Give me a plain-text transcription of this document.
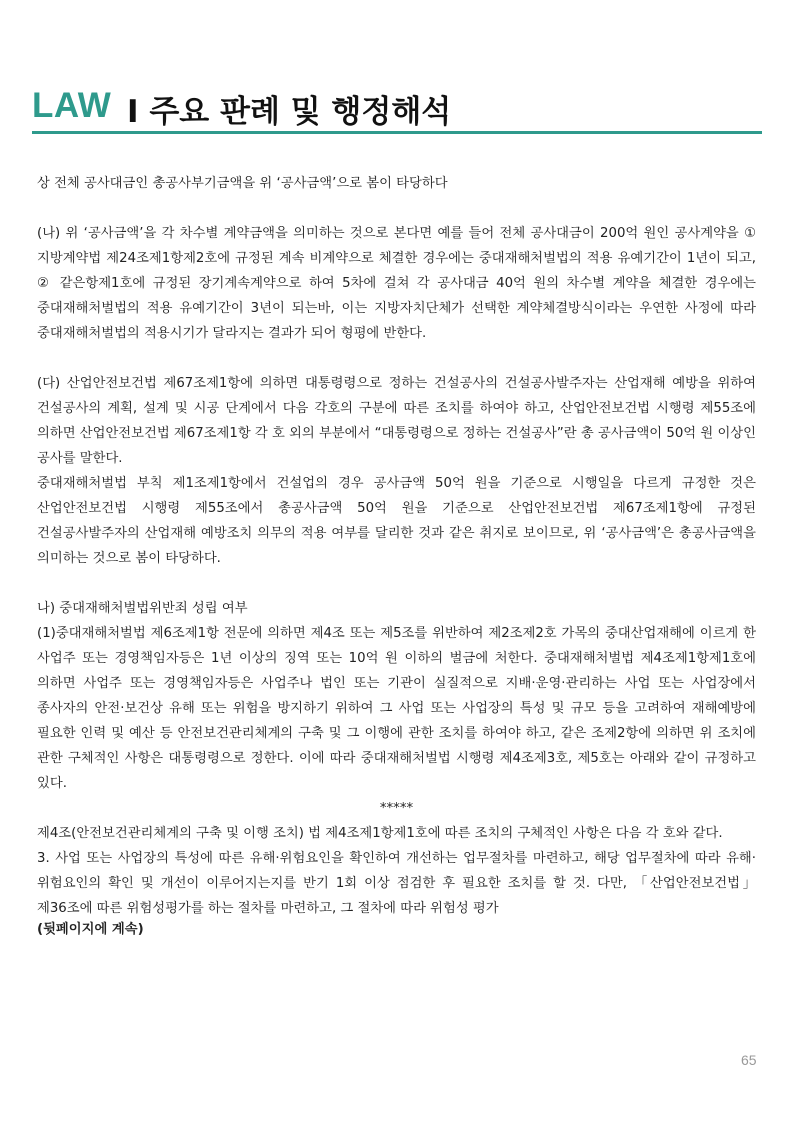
LAW I 주요 판례 및 행정해석

상 전체 공사대금인 총공사부기금액을 위 ‘공사금액’으로 봄이 타당하다

(나) 위 ‘공사금액’을 각 차수별 계약금액을 의미하는 것으로 본다면 예를 들어 전체 공사대금이 200억 원인 공사계약을 ① 지방계약법 제24조제1항제2호에 규정된 계속 비계약으로 체결한 경우에는 중대재해처벌법의 적용 유예기간이 1년이 되고, ② 같은항제1호에 규정된 장기계속계약으로 하여 5차에 걸쳐 각 공사대금 40억 원의 차수별 계약을 체결한 경우에는 중대재해처벌법의 적용 유예기간이 3년이 되는바, 이는 지방자치단체가 선택한 계약체결방식이라는 우연한 사정에 따라 중대재해처벌법의 적용시기가 달라지는 결과가 되어 형평에 반한다.

(다) 산업안전보건법 제67조제1항에 의하면 대통령령으로 정하는 건설공사의 건설공사발주자는 산업재해 예방을 위하여 건설공사의 계획, 설계 및 시공 단계에서 다음 각호의 구분에 따른 조치를 하여야 하고, 산업안전보건법 시행령 제55조에 의하면 산업안전보건법 제67조제1항 각 호 외의 부분에서 “대통령령으로 정하는 건설공사”란 총 공사금액이 50억 원 이상인 공사를 말한다.

중대재해처벌법 부칙 제1조제1항에서 건설업의 경우 공사금액 50억 원을 기준으로 시행일을 다르게 규정한 것은 산업안전보건법 시행령 제55조에서 총공사금액 50억 원을 기준으로 산업안전보건법 제67조제1항에 규정된 건설공사발주자의 산업재해 예방조치 의무의 적용 여부를 달리한 것과 같은 취지로 보이므로, 위 ‘공사금액’은 총공사금액을 의미하는 것으로 봄이 타당하다.

나) 중대재해처벌법위반죄 성립 여부

(1)중대재해처벌법 제6조제1항 전문에 의하면 제4조 또는 제5조를 위반하여 제2조제2호 가목의 중대산업재해에 이르게 한 사업주 또는 경영책임자등은 1년 이상의 징역 또는 10억 원 이하의 벌금에 처한다. 중대재해처벌법 제4조제1항제1호에 의하면 사업주 또는 경영책임자등은 사업주나 법인 또는 기관이 실질적으로 지배·운영·관리하는 사업 또는 사업장에서 종사자의 안전·보건상 유해 또는 위험을 방지하기 위하여 그 사업 또는 사업장의 특성 및 규모 등을 고려하여 재해예방에 필요한 인력 및 예산 등 안전보건관리체계의 구축 및 그 이행에 관한 조치를 하여야 하고, 같은 조제2항에 의하면 위 조치에 관한 구체적인 사항은 대통령령으로 정한다. 이에 따라 중대재해처벌법 시행령 제4조제3호, 제5호는 아래와 같이 규정하고 있다.

*****

제4조(안전보건관리체계의 구축 및 이행 조치) 법 제4조제1항제1호에 따른 조치의 구체적인 사항은 다음 각 호와 같다.

3. 사업 또는 사업장의 특성에 따른 유해·위험요인을 확인하여 개선하는 업무절차를 마련하고, 해당 업무절차에 따라 유해·위험요인의 확인 및 개선이 이루어지는지를 반기 1회 이상 점검한 후 필요한 조치를 할 것. 다만, 「산업안전보건법」 제36조에 따른 위험성평가를 하는 절차를 마련하고, 그 절차에 따라 위험성 평가

(뒷페이지에 계속)

65
